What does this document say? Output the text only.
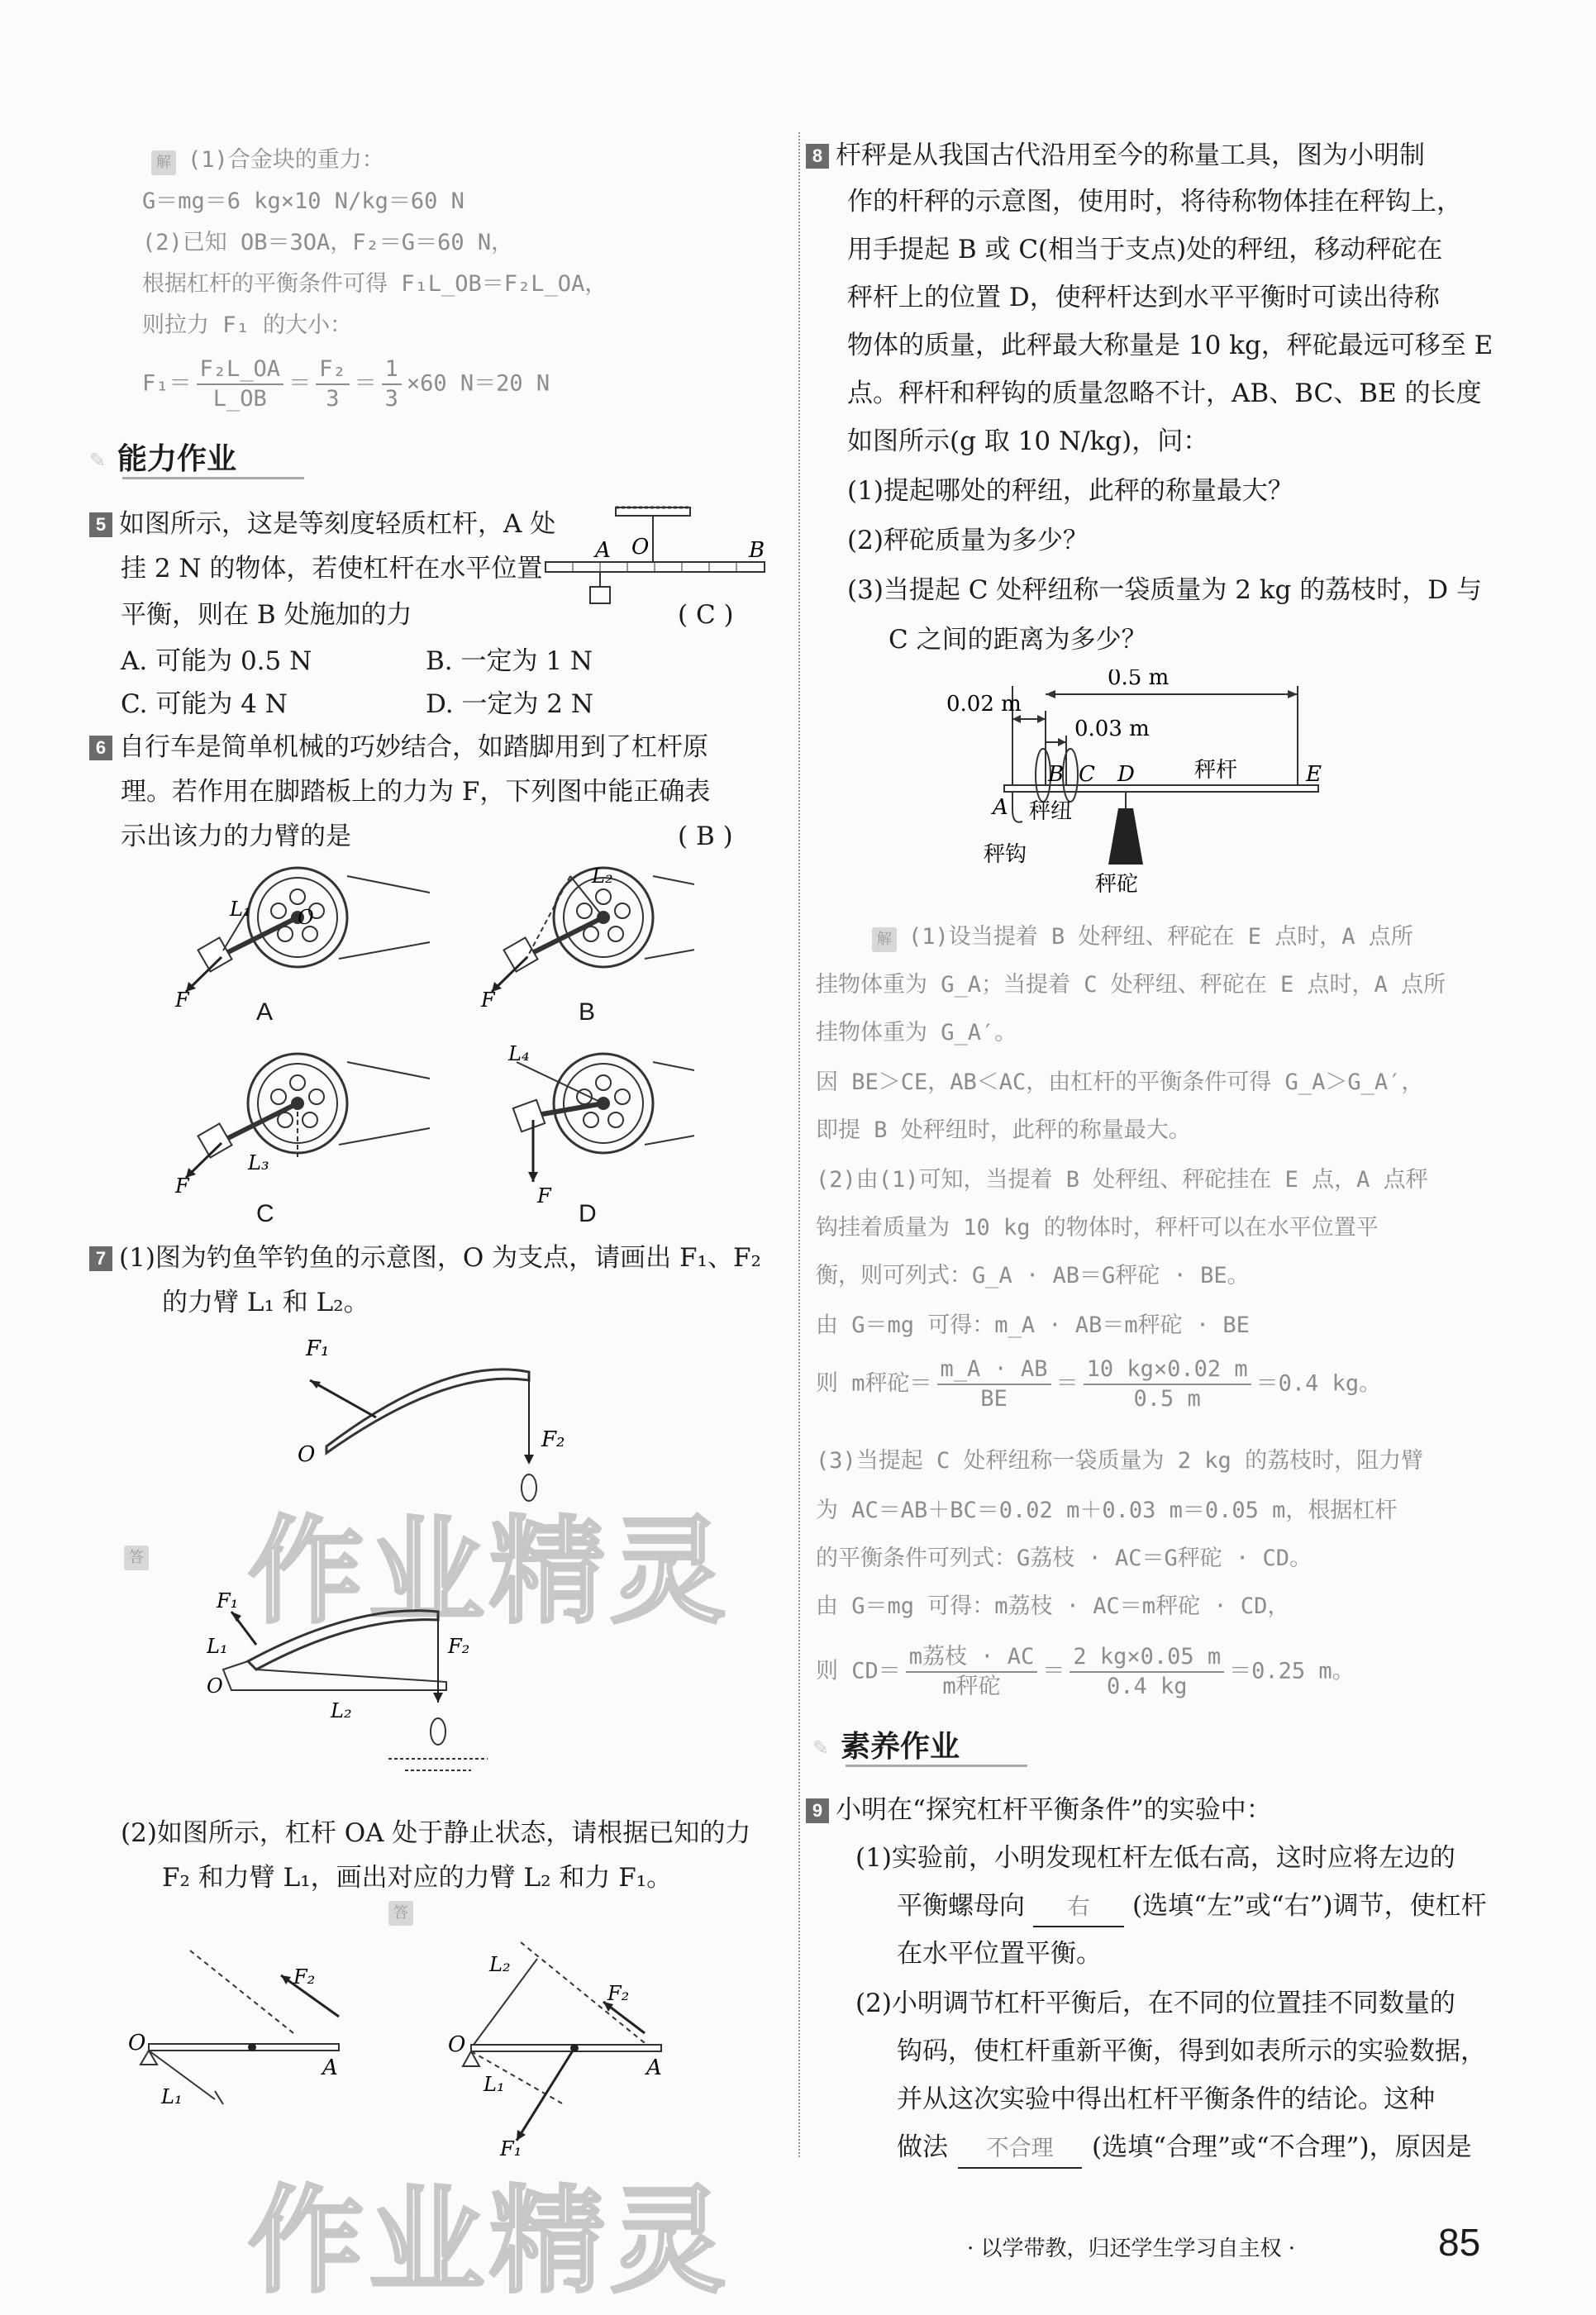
解 (1)合金块的重力：
G＝mg＝6 kg×10 N/kg＝60 N
(2)已知 OB＝3OA，F₂＝G＝60 N，
根据杠杆的平衡条件可得 F₁L_OB＝F₂L_OA，
则拉力 F₁ 的大小：
$F_1= \frac{\text{F₂L\_OA}}{L\_OB} = \frac{\text{F₂}}{3} = \frac{1}{3} \times 60$ N＝20 N
✎ 能力作业
5 如图所示，这是等刻度轻质杠杆，A 处
挂 2 N 的物体，若使杠杆在水平位置
平衡，则在 B 处施加的力	( C )
A O	B
A. 可能为 0.5 N	B. 一定为 1 N
C. 可能为 4 N	D. 一定为 2 N
6 自行车是简单机械的巧妙结合，如踏脚用到了杠杆原
理。若作用在脚踏板上的力为 F，下列图中能正确表
示出该力的力臂的是	( B )
L₁ O
F
L₂
F
L₃
F
L₄
F
A	B
C	D
7 (1)图为钓鱼竿钓鱼的示意图，O 为支点，请画出 F₁、F₂
的力臂 L₁ 和 L₂。
F₁
F₂
O
作业精灵
答
F₁
L₁	F₂
O
L₂
(2)如图所示，杠杆 OA 处于静止状态，请根据已知的力
F₂ 和力臂 L₁，画出对应的力臂 L₂ 和力 F₁。
答
F₂
O
A
L₁
L₂
F₂
O
A
L₁
F₁
作业精灵
8 杆秤是从我国古代沿用至今的称量工具，图为小明制
作的杆秤的示意图，使用时，将待称物体挂在秤钩上，
用手提起 B 或 C(相当于支点)处的秤纽，移动秤砣在
秤杆上的位置 D，使秤杆达到水平平衡时可读出待称
物体的质量，此秤最大称量是 10 kg，秤砣最远可移至 E
点。秤杆和秤钩的质量忽略不计，AB、BC、BE 的长度
如图所示(g 取 10 N/kg)，问：
(1)提起哪处的秤纽，此秤的称量最大？
(2)秤砣质量为多少？
(3)当提起 C 处秤纽称一袋质量为 2 kg 的荔枝时，D 与
C 之间的距离为多少？
0.5 m
0.02 m
0.03 m
A
B C D	E
秤杆
秤纽
秤钩
秤砣
解 (1)设当提着 B 处秤纽、秤砣在 E 点时，A 点所
挂物体重为 G_A；当提着 C 处秤纽、秤砣在 E 点时，A 点所
挂物体重为 G_A′。
因 BE＞CE，AB＜AC，由杠杆的平衡条件可得 G_A＞G_A′，
即提 B 处秤纽时，此秤的称量最大。
(2)由(1)可知，当提着 B 处秤纽、秤砣挂在 E 点，A 点秤
钩挂着质量为 10 kg 的物体时，秤杆可以在水平位置平
衡，则可列式：G_A · AB＝G秤砣 · BE。
由 G＝mg 可得：m_A · AB＝m秤砣 · BE
则 m秤砣＝ $\frac{m\_A \cdot AB}{BE} = \frac{10 kg\times 0.02 m}{0.5 m} =0.4$ kg。
(3)当提起 C 处秤纽称一袋质量为 2 kg 的荔枝时，阻力臂
为 AC＝AB＋BC＝0.02 m＋0.03 m＝0.05 m，根据杠杆
的平衡条件可列式：G荔枝 · AC＝G秤砣 · CD。
由 G＝mg 可得：m荔枝 · AC＝m秤砣 · CD，
则 CD＝
m荔枝 · AC
m秤砣
＝ $\frac{2 kg\times 0.05 m}{0.4 kg} =0.25$ m。
✎ 素养作业
9 小明在“探究杠杆平衡条件”的实验中：
(1)实验前，小明发现杠杆左低右高，这时应将左边的
平衡螺母向 右 (选填“左”或“右”)调节，使杠杆
在水平位置平衡。
(2)小明调节杠杆平衡后，在不同的位置挂不同数量的
钩码，使杠杆重新平衡，得到如表所示的实验数据，
并从这次实验中得出杠杆平衡条件的结论。这种
做法 不合理 (选填“合理”或“不合理”)，原因是
· 以学带教，归还学生学习自主权 ·	85
